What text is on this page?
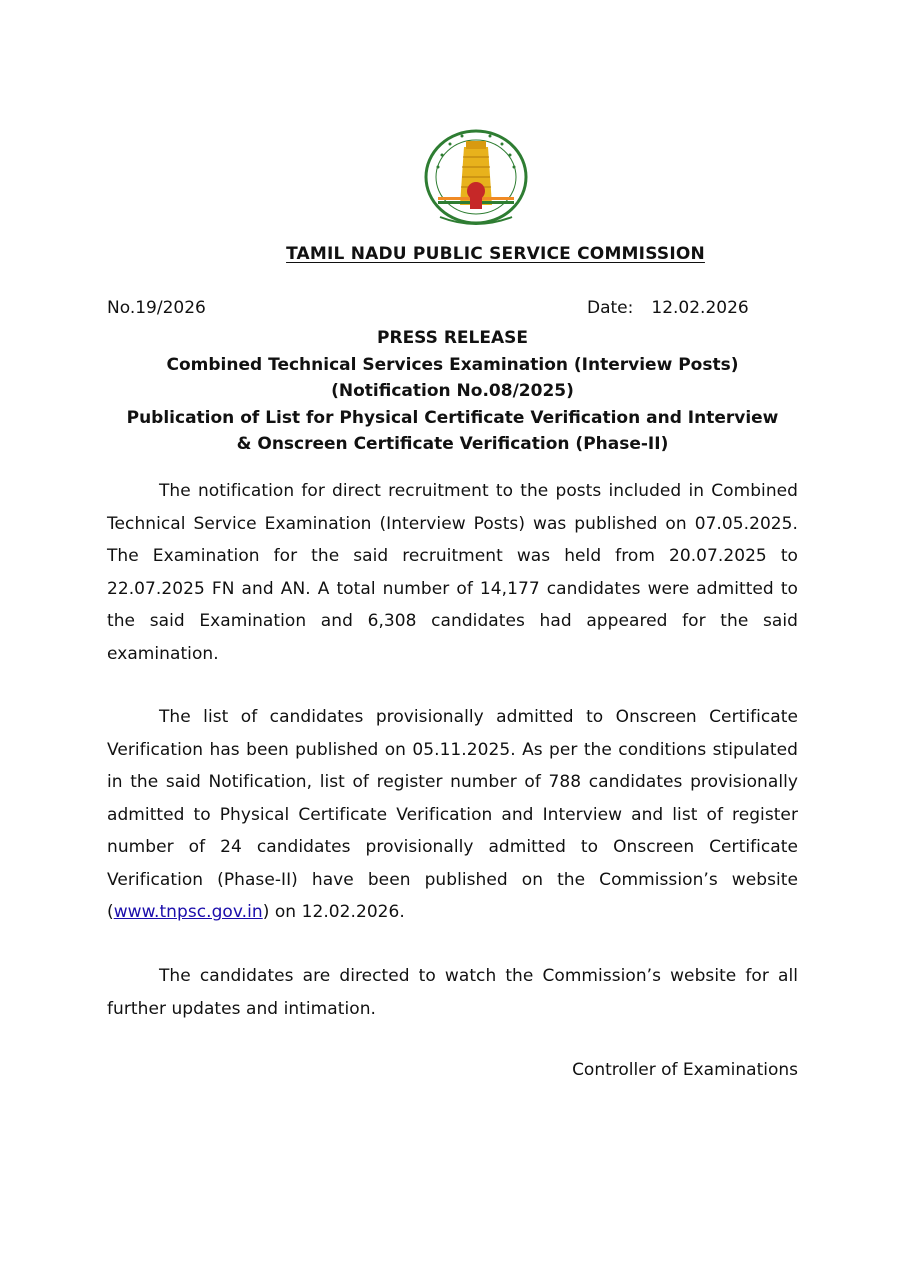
TAMIL NADU PUBLIC SERVICE COMMISSION
No.19/2026	Date: 12.02.2026
PRESS RELEASE
Combined Technical Services Examination (Interview Posts)
(Notification No.08/2025)
Publication of List for Physical Certificate Verification and Interview
& Onscreen Certificate Verification (Phase-II)

The notification for direct recruitment to the posts included in Combined Technical Service Examination (Interview Posts) was published on 07.05.2025. The Examination for the said recruitment was held from 20.07.2025 to 22.07.2025 FN and AN. A total number of 14,177 candidates were admitted to the said Examination and 6,308 candidates had appeared for the said examination.

The list of candidates provisionally admitted to Onscreen Certificate Verification has been published on 05.11.2025. As per the conditions stipulated in the said Notification, list of register number of 788 candidates provisionally admitted to Physical Certificate Verification and Interview and list of register number of 24 candidates provisionally admitted to Onscreen Certificate Verification (Phase-II) have been published on the Commission’s website (www.tnpsc.gov.in) on 12.02.2026.

The candidates are directed to watch the Commission’s website for all further updates and intimation.

Controller of Examinations
